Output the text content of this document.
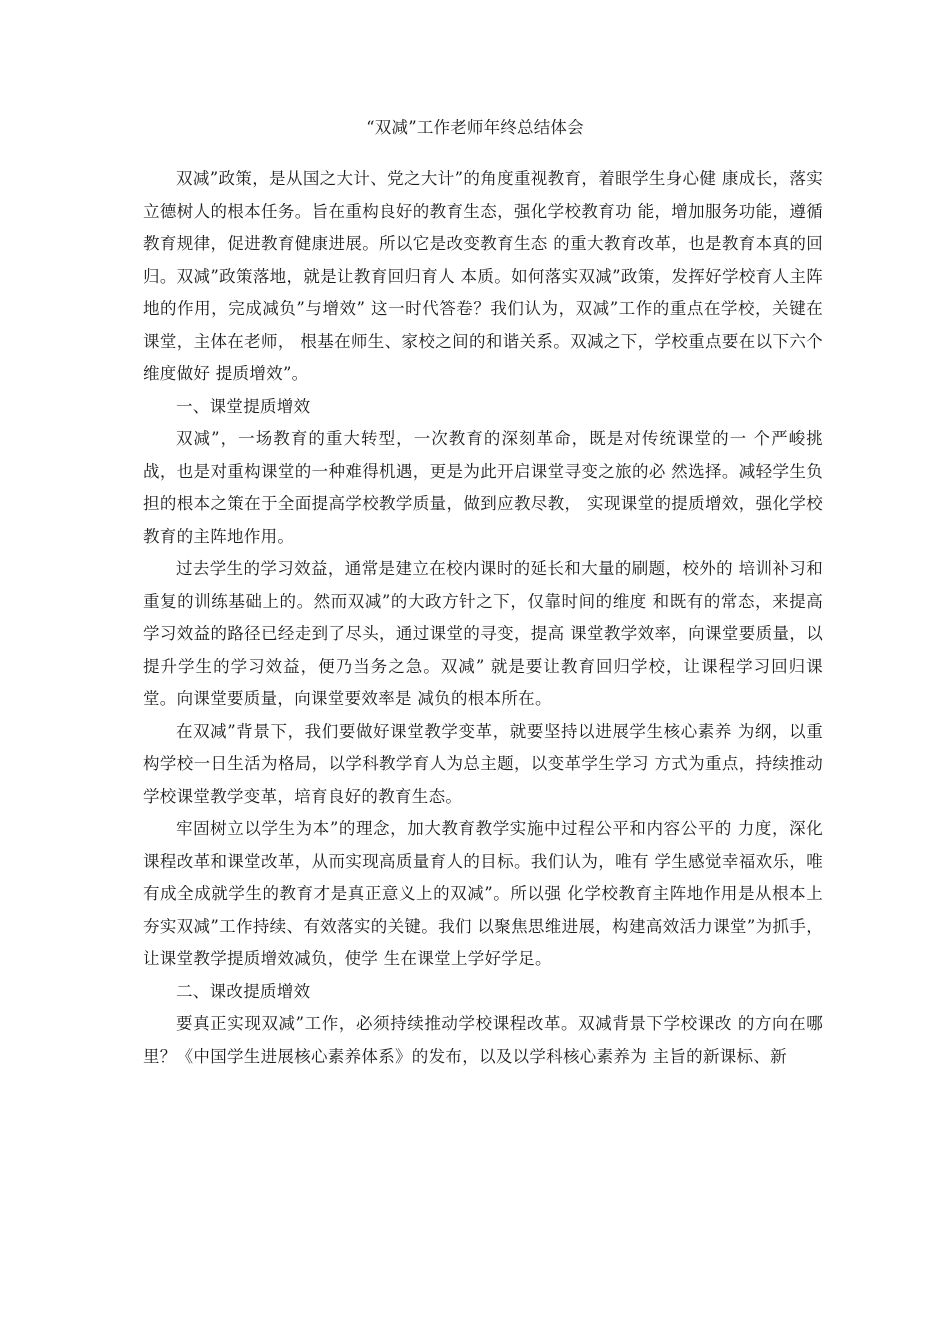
“双减”工作老师年终总结体会

双减”政策，是从国之大计、党之大计”的角度重视教育，着眼学生身心健 康成长，落实立德树人的根本任务。旨在重构良好的教育生态，强化学校教育功 能，增加服务功能，遵循教育规律，促进教育健康进展。所以它是改变教育生态 的重大教育改革，也是教育本真的回归。双减”政策落地，就是让教育回归育人 本质。如何落实双减”政策，发挥好学校育人主阵地的作用，完成减负”与增效” 这一时代答卷？我们认为，双减”工作的重点在学校，关键在课堂，主体在老师， 根基在师生、家校之间的和谐关系。双减之下，学校重点要在以下六个维度做好 提质增效”。

一、课堂提质增效

双减”，一场教育的重大转型，一次教育的深刻革命，既是对传统课堂的一 个严峻挑战，也是对重构课堂的一种难得机遇，更是为此开启课堂寻变之旅的必 然选择。减轻学生负担的根本之策在于全面提高学校教学质量，做到应教尽教， 实现课堂的提质增效，强化学校教育的主阵地作用。

过去学生的学习效益，通常是建立在校内课时的延长和大量的刷题，校外的 培训补习和重复的训练基础上的。然而双减”的大政方针之下，仅靠时间的维度 和既有的常态，来提高学习效益的路径已经走到了尽头，通过课堂的寻变，提高 课堂教学效率，向课堂要质量，以提升学生的学习效益，便乃当务之急。双减” 就是要让教育回归学校，让课程学习回归课堂。向课堂要质量，向课堂要效率是 减负的根本所在。

在双减”背景下，我们要做好课堂教学变革，就要坚持以进展学生核心素养 为纲，以重构学校一日生活为格局，以学科教学育人为总主题，以变革学生学习 方式为重点，持续推动学校课堂教学变革，培育良好的教育生态。

牢固树立以学生为本”的理念，加大教育教学实施中过程公平和内容公平的 力度，深化课程改革和课堂改革，从而实现高质量育人的目标。我们认为，唯有 学生感觉幸福欢乐，唯有成全成就学生的教育才是真正意义上的双减”。所以强 化学校教育主阵地作用是从根本上夯实双减”工作持续、有效落实的关键。我们 以聚焦思维进展，构建高效活力课堂”为抓手，让课堂教学提质增效减负，使学 生在课堂上学好学足。

二、课改提质增效

要真正实现双减”工作，必须持续推动学校课程改革。双减背景下学校课改 的方向在哪里？《中国学生进展核心素养体系》的发布，以及以学科核心素养为 主旨的新课标、新
